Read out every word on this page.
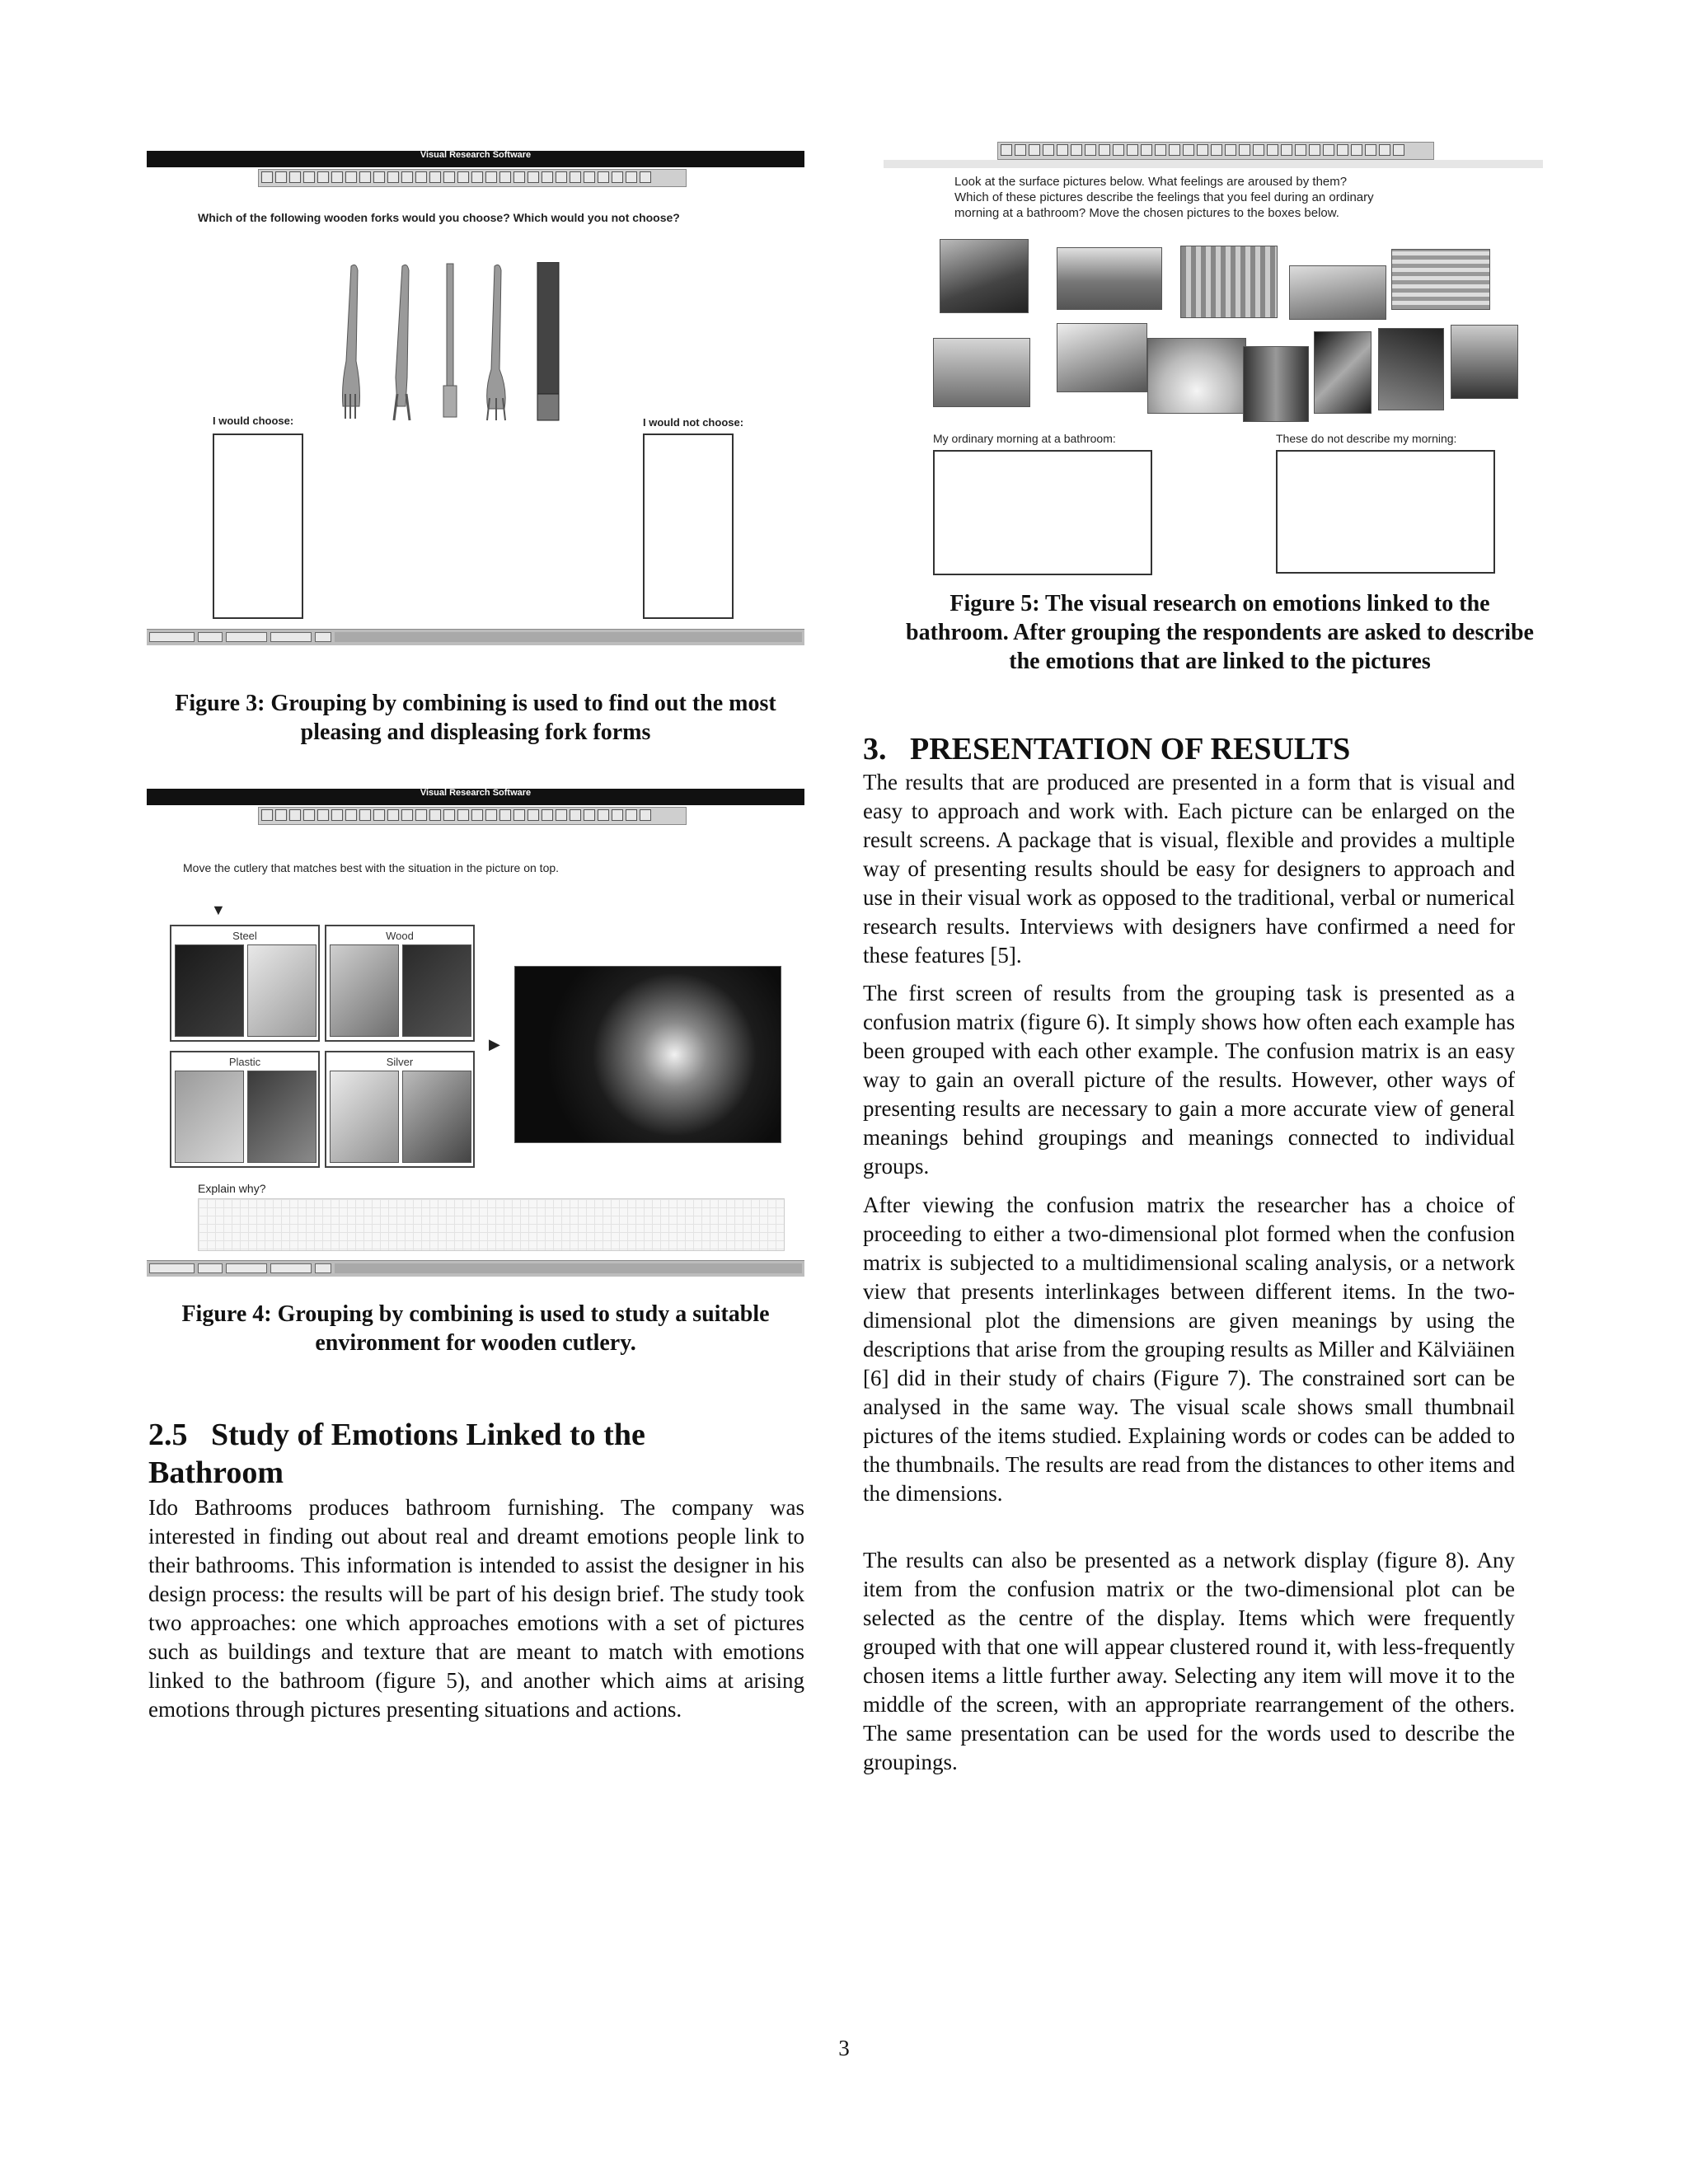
Visual Research Software
Which of the following wooden forks would you choose? Which would you not choose?
I would choose:	I would not choose:
Figure 3: Grouping by combining is used to find out the most pleasing and displeasing fork forms
Visual Research Software
Move the cutlery that matches best with the situation in the picture on top.
▼
Steel	Wood
Plastic	Silver
▶
Explain why?
Figure 4: Grouping by combining is used to study a suitable environment for wooden cutlery.
2.5   Study of Emotions Linked to the Bathroom
Ido Bathrooms produces bathroom furnishing. The company was interested in finding out about real and dreamt emotions people link to their bathrooms. This information is intended to assist the designer in his design process: the results will be part of his design brief. The study took two approaches: one which approaches emotions with a set of pictures such as buildings and texture that are meant to match with emotions linked to the bathroom (figure 5), and another which aims at arising emotions through pictures presenting situations and actions.
Look at the surface pictures below. What feelings are aroused by them?
Which of these pictures describe the feelings that you feel during an ordinary
morning at a bathroom? Move the chosen pictures to the boxes below.
My ordinary morning at a bathroom:	These do not describe my morning:
Figure 5: The visual research on emotions linked to the bathroom. After grouping the respondents are asked to describe the emotions that are linked to the pictures
3.   PRESENTATION OF RESULTS
The results that are produced are presented in a form that is visual and easy to approach and work with. Each picture can be enlarged on the result screens. A package that is visual, flexible and provides a multiple way of presenting results should be easy for designers to approach and use in their visual work as opposed to the traditional, verbal or numerical research results. Interviews with designers have confirmed a need for these features [5].
The first screen of results from the grouping task is presented as a confusion matrix (figure 6). It simply shows how often each example has been grouped with each other example. The confusion matrix is an easy way to gain an overall picture of the results. However, other ways of presenting results are necessary to gain a more accurate view of general meanings behind groupings and meanings connected to individual groups.
After viewing the confusion matrix the researcher has a choice of proceeding to either a two-dimensional plot formed when the confusion matrix is subjected to a multidimensional scaling analysis, or a network view that presents interlinkages between different items. In the two-dimensional plot the dimensions are given meanings by using the descriptions that arise from the grouping results as Miller and Kälviäinen [6] did in their study of chairs (Figure 7). The constrained sort can be analysed in the same way. The visual scale shows small thumbnail pictures of the items studied. Explaining words or codes can be added to the thumbnails. The results are read from the distances to other items and the dimensions.
The results can also be presented as a network display (figure 8). Any item from the confusion matrix or the two-dimensional plot can be selected as the centre of the display. Items which were frequently grouped with that one will appear clustered round it, with less-frequently chosen items a little further away. Selecting any item will move it to the middle of the screen, with an appropriate rearrangement of the others. The same presentation can be used for the words used to describe the groupings.
3
